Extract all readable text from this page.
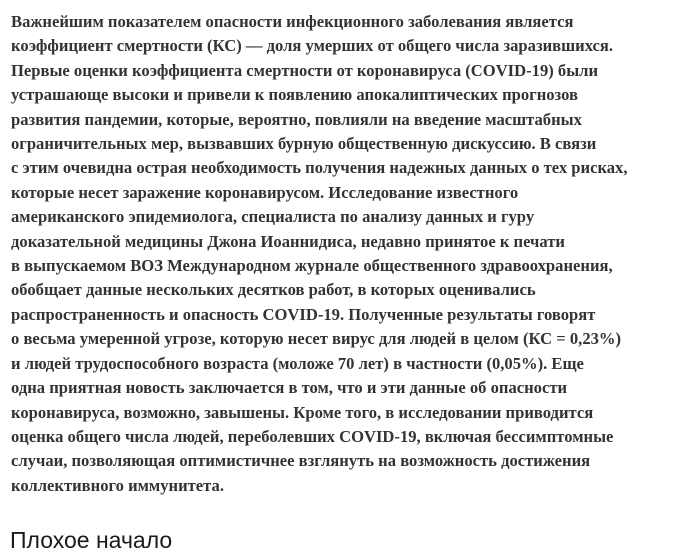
Важнейшим показателем опасности инфекционного заболевания является
коэффициент смертности (КС) — доля умерших от общего числа заразившихся.
Первые оценки коэффициента смертности от коронавируса (COVID-19) были
устрашающе высоки и привели к появлению апокалиптических прогнозов
развития пандемии, которые, вероятно, повлияли на введение масштабных
ограничительных мер, вызвавших бурную общественную дискуссию. В связи
с этим очевидна острая необходимость получения надежных данных о тех рисках,
которые несет заражение коронавирусом. Исследование известного
американского эпидемиолога, специалиста по анализу данных и гуру
доказательной медицины Джона Иоаннидиса, недавно принятое к печати
в выпускаемом ВОЗ Международном журнале общественного здравоохранения,
обобщает данные нескольких десятков работ, в которых оценивались
распространенность и опасность COVID-19. Полученные результаты говорят
о весьма умеренной угрозе, которую несет вирус для людей в целом (КС = 0,23%)
и людей трудоспособного возраста (моложе 70 лет) в частности (0,05%). Еще
одна приятная новость заключается в том, что и эти данные об опасности
коронавируса, возможно, завышены. Кроме того, в исследовании приводится
оценка общего числа людей, переболевших COVID-19, включая бессимптомные
случаи, позволяющая оптимистичнее взглянуть на возможность достижения
коллективного иммунитета.

Плохое начало
